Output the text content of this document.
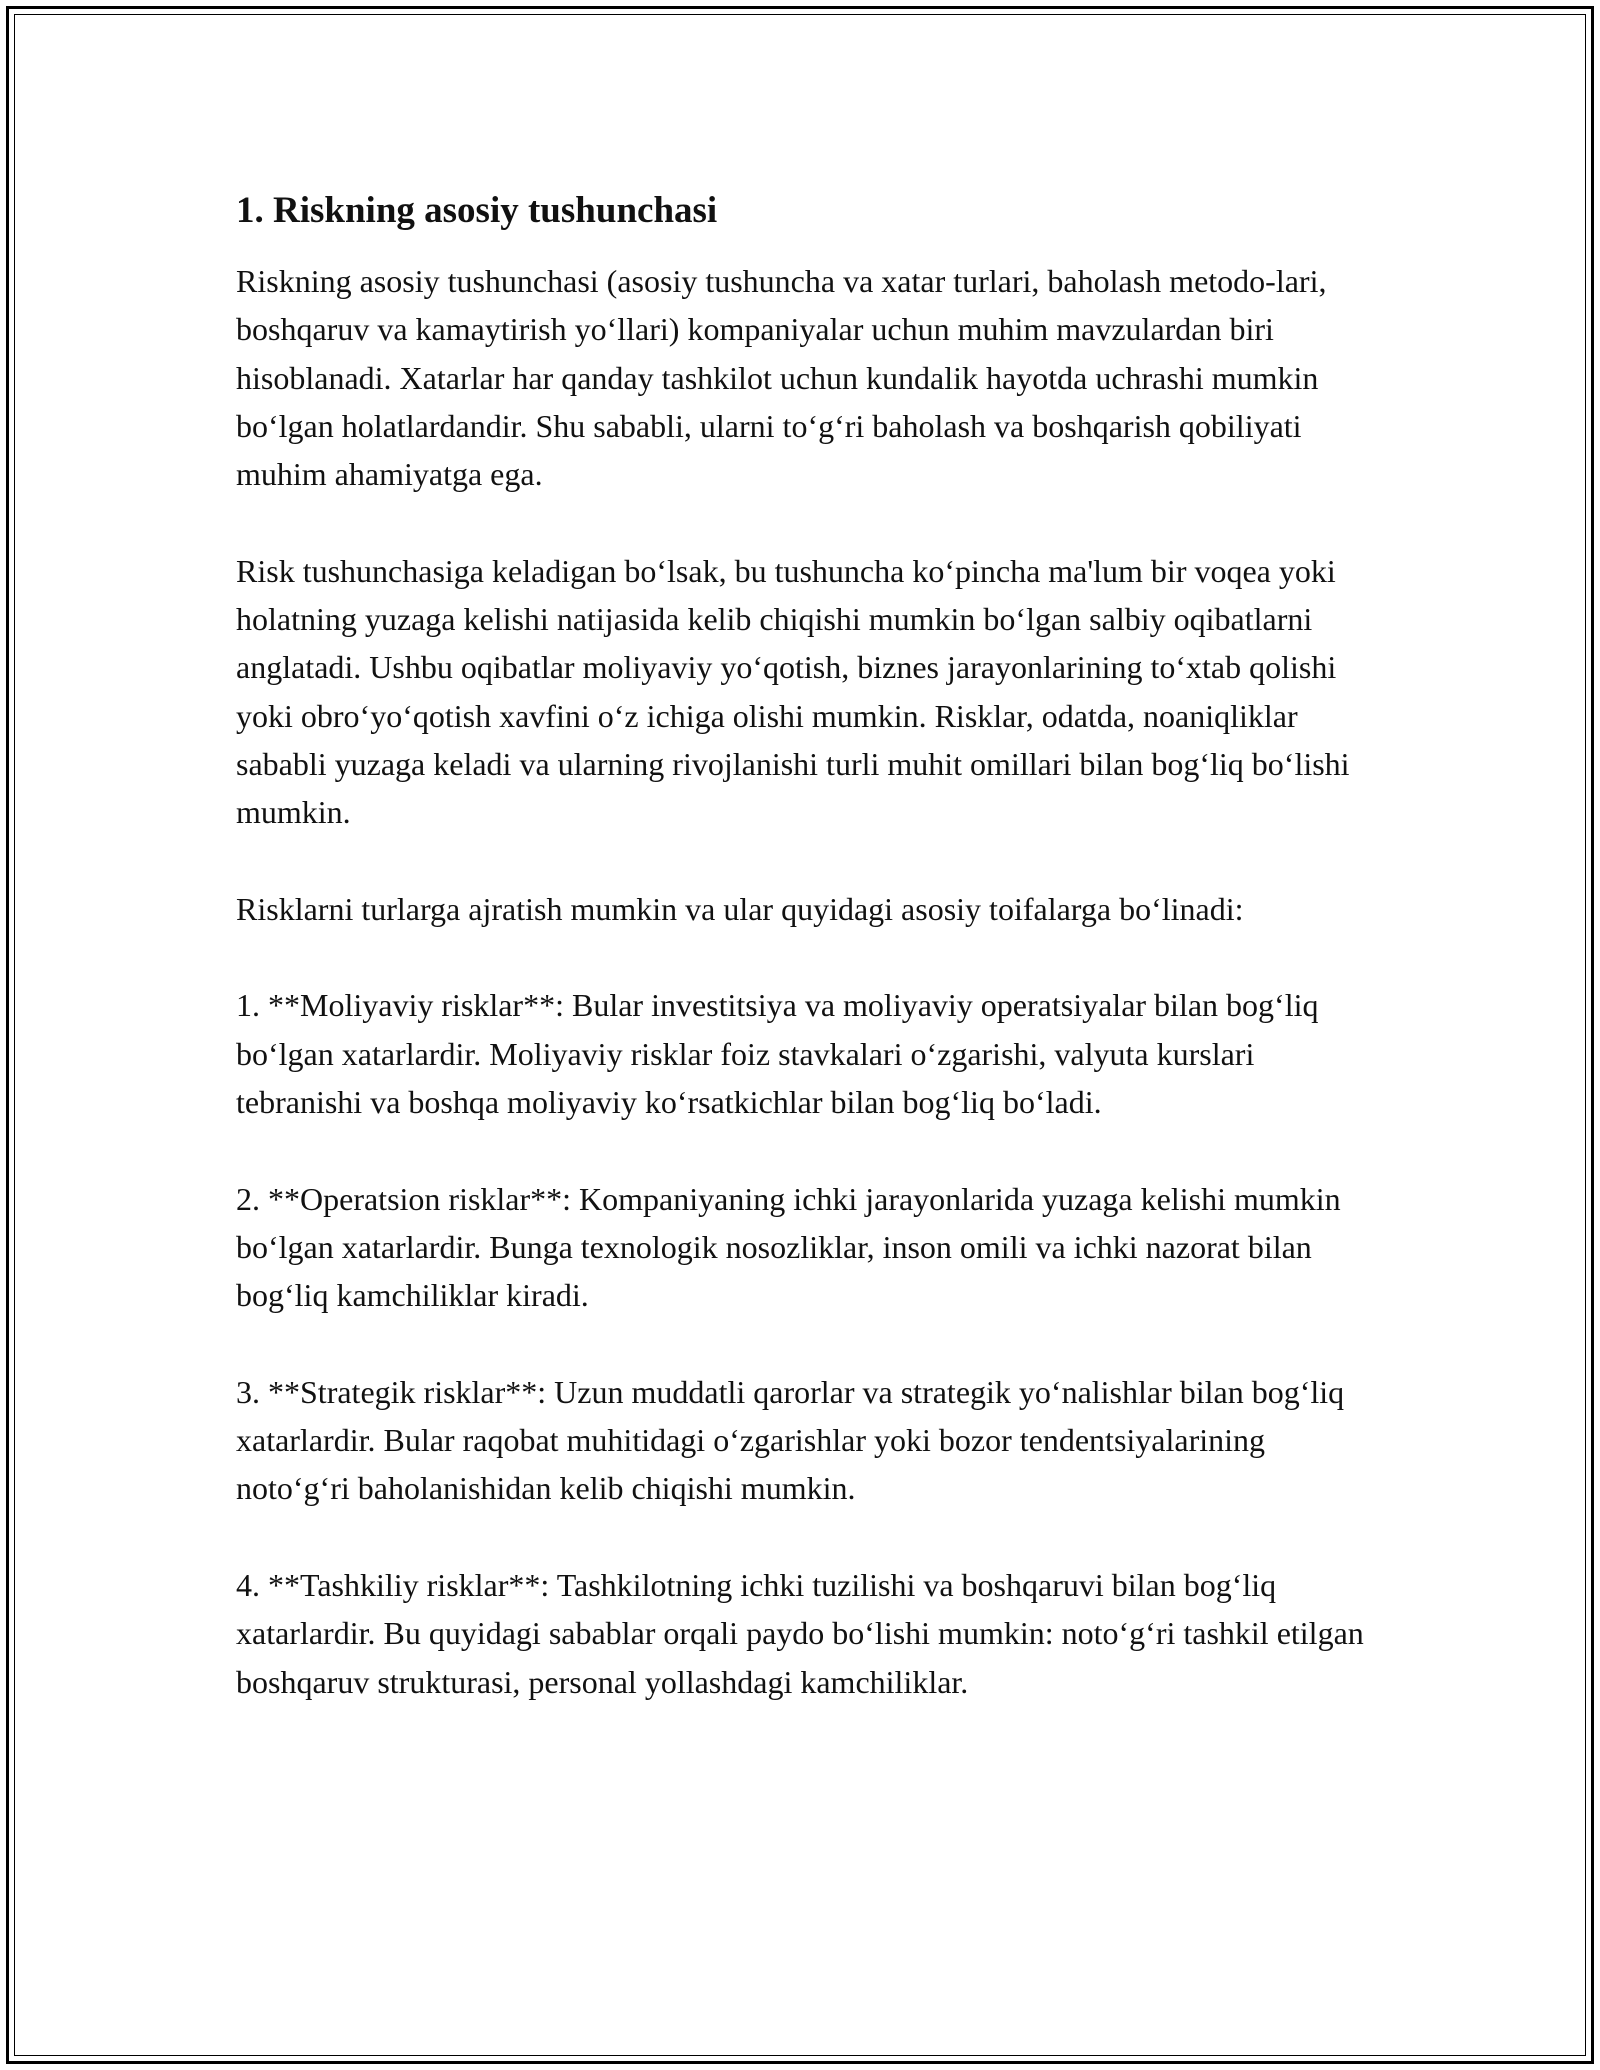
1. Riskning asosiy tushunchasi

Riskning asosiy tushunchasi (asosiy tushuncha va xatar turlari, baholash metodo-lari, boshqaruv va kamaytirish yo‘llari) kompaniyalar uchun muhim mavzulardan biri hisoblanadi. Xatarlar har qanday tashkilot uchun kundalik hayotda uchrashi mumkin bo‘lgan holatlardandir. Shu sababli, ularni to‘g‘ri baholash va boshqarish qobiliyati muhim ahamiyatga ega.

Risk tushunchasiga keladigan bo‘lsak, bu tushuncha ko‘pincha ma'lum bir voqea yoki holatning yuzaga kelishi natijasida kelib chiqishi mumkin bo‘lgan salbiy oqibatlarni anglatadi. Ushbu oqibatlar moliyaviy yo‘qotish, biznes jarayonlarining to‘xtab qolishi yoki obro‘yo‘qotish xavfini o‘z ichiga olishi mumkin. Risklar, odatda, noaniqliklar sababli yuzaga keladi va ularning rivojlanishi turli muhit omillari bilan bog‘liq bo‘lishi mumkin.

Risklarni turlarga ajratish mumkin va ular quyidagi asosiy toifalarga bo‘linadi:

1. **Moliyaviy risklar**: Bular investitsiya va moliyaviy operatsiyalar bilan bog‘liq bo‘lgan xatarlardir. Moliyaviy risklar foiz stavkalari o‘zgarishi, valyuta kurslari tebranishi va boshqa moliyaviy ko‘rsatkichlar bilan bog‘liq bo‘ladi.

2. **Operatsion risklar**: Kompaniyaning ichki jarayonlarida yuzaga kelishi mumkin bo‘lgan xatarlardir. Bunga texnologik nosozliklar, inson omili va ichki nazorat bilan bog‘liq kamchiliklar kiradi.

3. **Strategik risklar**: Uzun muddatli qarorlar va strategik yo‘nalishlar bilan bog‘liq xatarlardir. Bular raqobat muhitidagi o‘zgarishlar yoki bozor tendentsiyalarining noto‘g‘ri baholanishidan kelib chiqishi mumkin.

4. **Tashkiliy risklar**: Tashkilotning ichki tuzilishi va boshqaruvi bilan bog‘liq xatarlardir. Bu quyidagi sabablar orqali paydo bo‘lishi mumkin: noto‘g‘ri tashkil etilgan boshqaruv strukturasi, personal yollashdagi kamchiliklar.
